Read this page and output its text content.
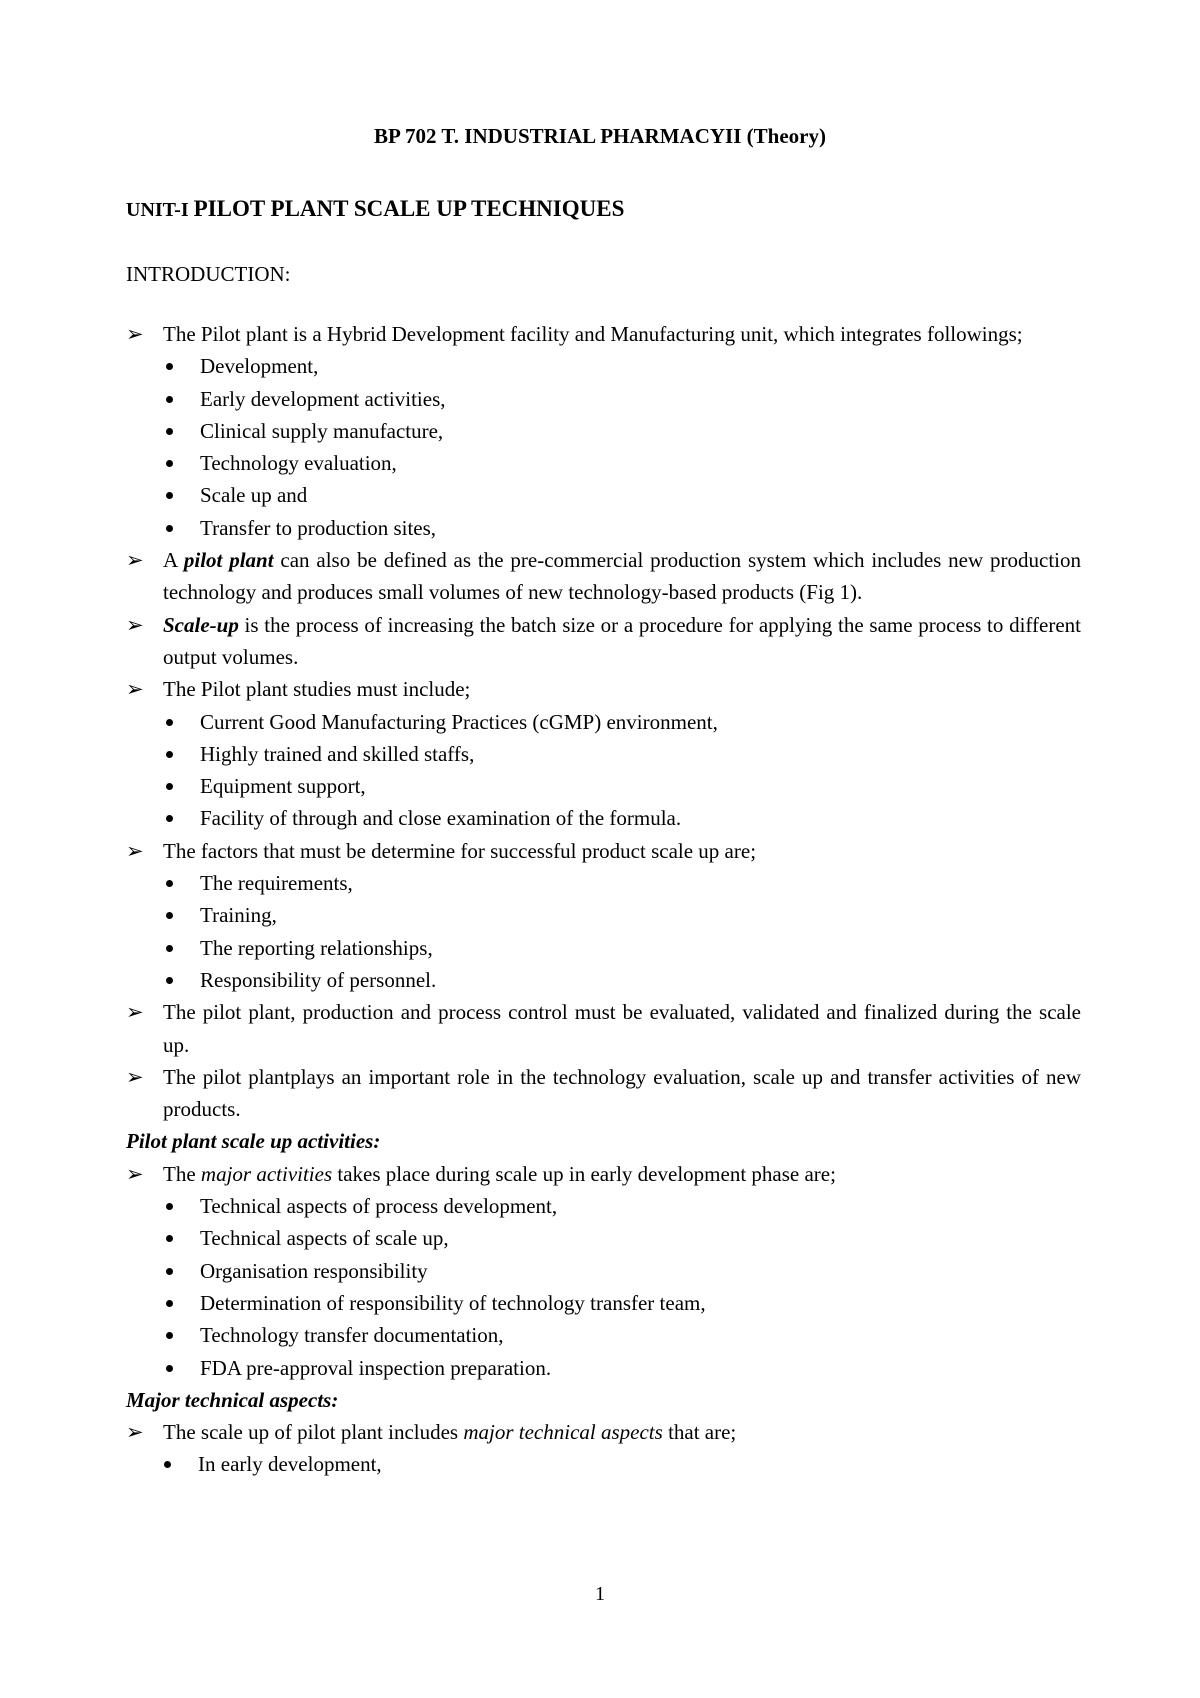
BP 702 T. INDUSTRIAL PHARMACYII (Theory)
UNIT-I PILOT PLANT SCALE UP TECHNIQUES
INTRODUCTION:
➢ The Pilot plant is a Hybrid Development facility and Manufacturing unit, which integrates followings;
Development,
Early development activities,
Clinical supply manufacture,
Technology evaluation,
Scale up and
Transfer to production sites,
➢ A pilot plant can also be defined as the pre-commercial production system which includes new production technology and produces small volumes of new technology-based products (Fig 1).
➢ Scale-up is the process of increasing the batch size or a procedure for applying the same process to different output volumes.
➢ The Pilot plant studies must include;
Current Good Manufacturing Practices (cGMP) environment,
Highly trained and skilled staffs,
Equipment support,
Facility of through and close examination of the formula.
➢ The factors that must be determine for successful product scale up are;
The requirements,
Training,
The reporting relationships,
Responsibility of personnel.
➢ The pilot plant, production and process control must be evaluated, validated and finalized during the scale up.
➢ The pilot plantplays an important role in the technology evaluation, scale up and transfer activities of new products.
Pilot plant scale up activities:
➢ The major activities takes place during scale up in early development phase are;
Technical aspects of process development,
Technical aspects of scale up,
Organisation responsibility
Determination of responsibility of technology transfer team,
Technology transfer documentation,
FDA pre-approval inspection preparation.
Major technical aspects:
➢ The scale up of pilot plant includes major technical aspects that are;
In early development,
1
